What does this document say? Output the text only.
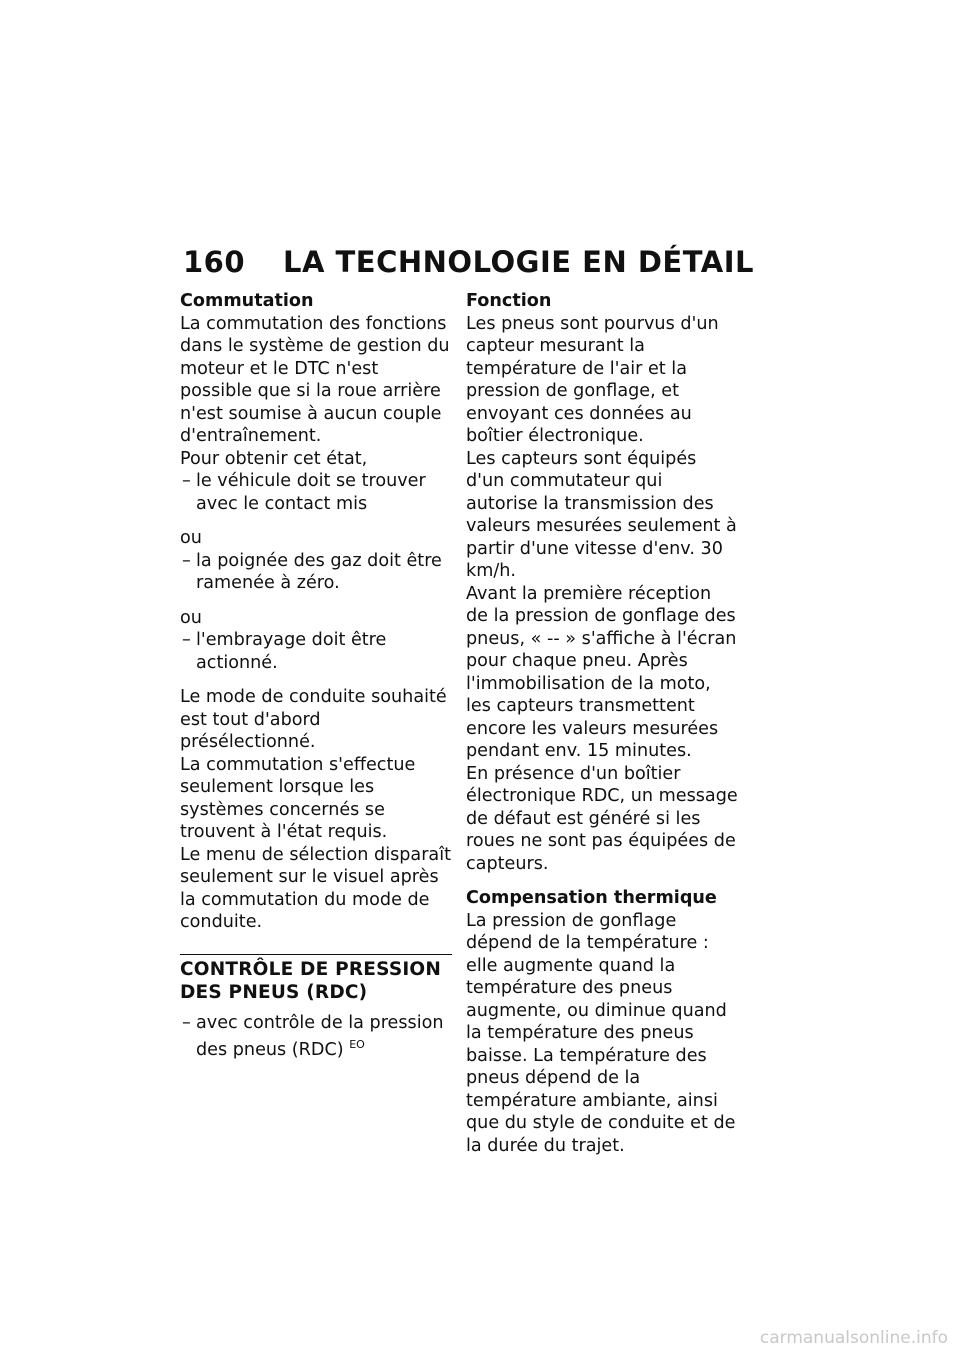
160 LA TECHNOLOGIE EN DÉTAIL
Commutation

La commutation des fonctions dans le système de gestion du moteur et le DTC n'est possible que si la roue arrière n'est soumise à aucun couple d'entraînement.

Pour obtenir cet état,

– le véhicule doit se trouver avec le contact mis

ou

– la poignée des gaz doit être ramenée à zéro.

ou

– l'embrayage doit être actionné.

Le mode de conduite souhaité est tout d'abord présélectionné.

La commutation s'effectue seulement lorsque les systèmes concernés se trouvent à l'état requis.

Le menu de sélection disparaît seulement sur le visuel après la commutation du mode de conduite.

CONTRÔLE DE PRESSION
DES PNEUS (RDC)
– avec contrôle de la pression des pneus (RDC) $^{EO}$
Fonction

Les pneus sont pourvus d'un capteur mesurant la température de l'air et la pression de gonflage, et envoyant ces données au boîtier électronique.

Les capteurs sont équipés d'un commutateur qui autorise la transmission des valeurs mesurées seulement à partir d'une vitesse d'env. 30 km/h.

Avant la première réception de la pression de gonflage des pneus, « -- » s'affiche à l'écran pour chaque pneu. Après l'immobilisation de la moto, les capteurs transmettent encore les valeurs mesurées pendant env. 15 minutes.

En présence d'un boîtier électronique RDC, un message de défaut est généré si les roues ne sont pas équipées de capteurs.

Compensation thermique

La pression de gonflage dépend de la température : elle augmente quand la température des pneus augmente, ou diminue quand la température des pneus baisse. La température des pneus dépend de la température ambiante, ainsi que du style de conduite et de la durée du trajet.

carmanualsonline.info
